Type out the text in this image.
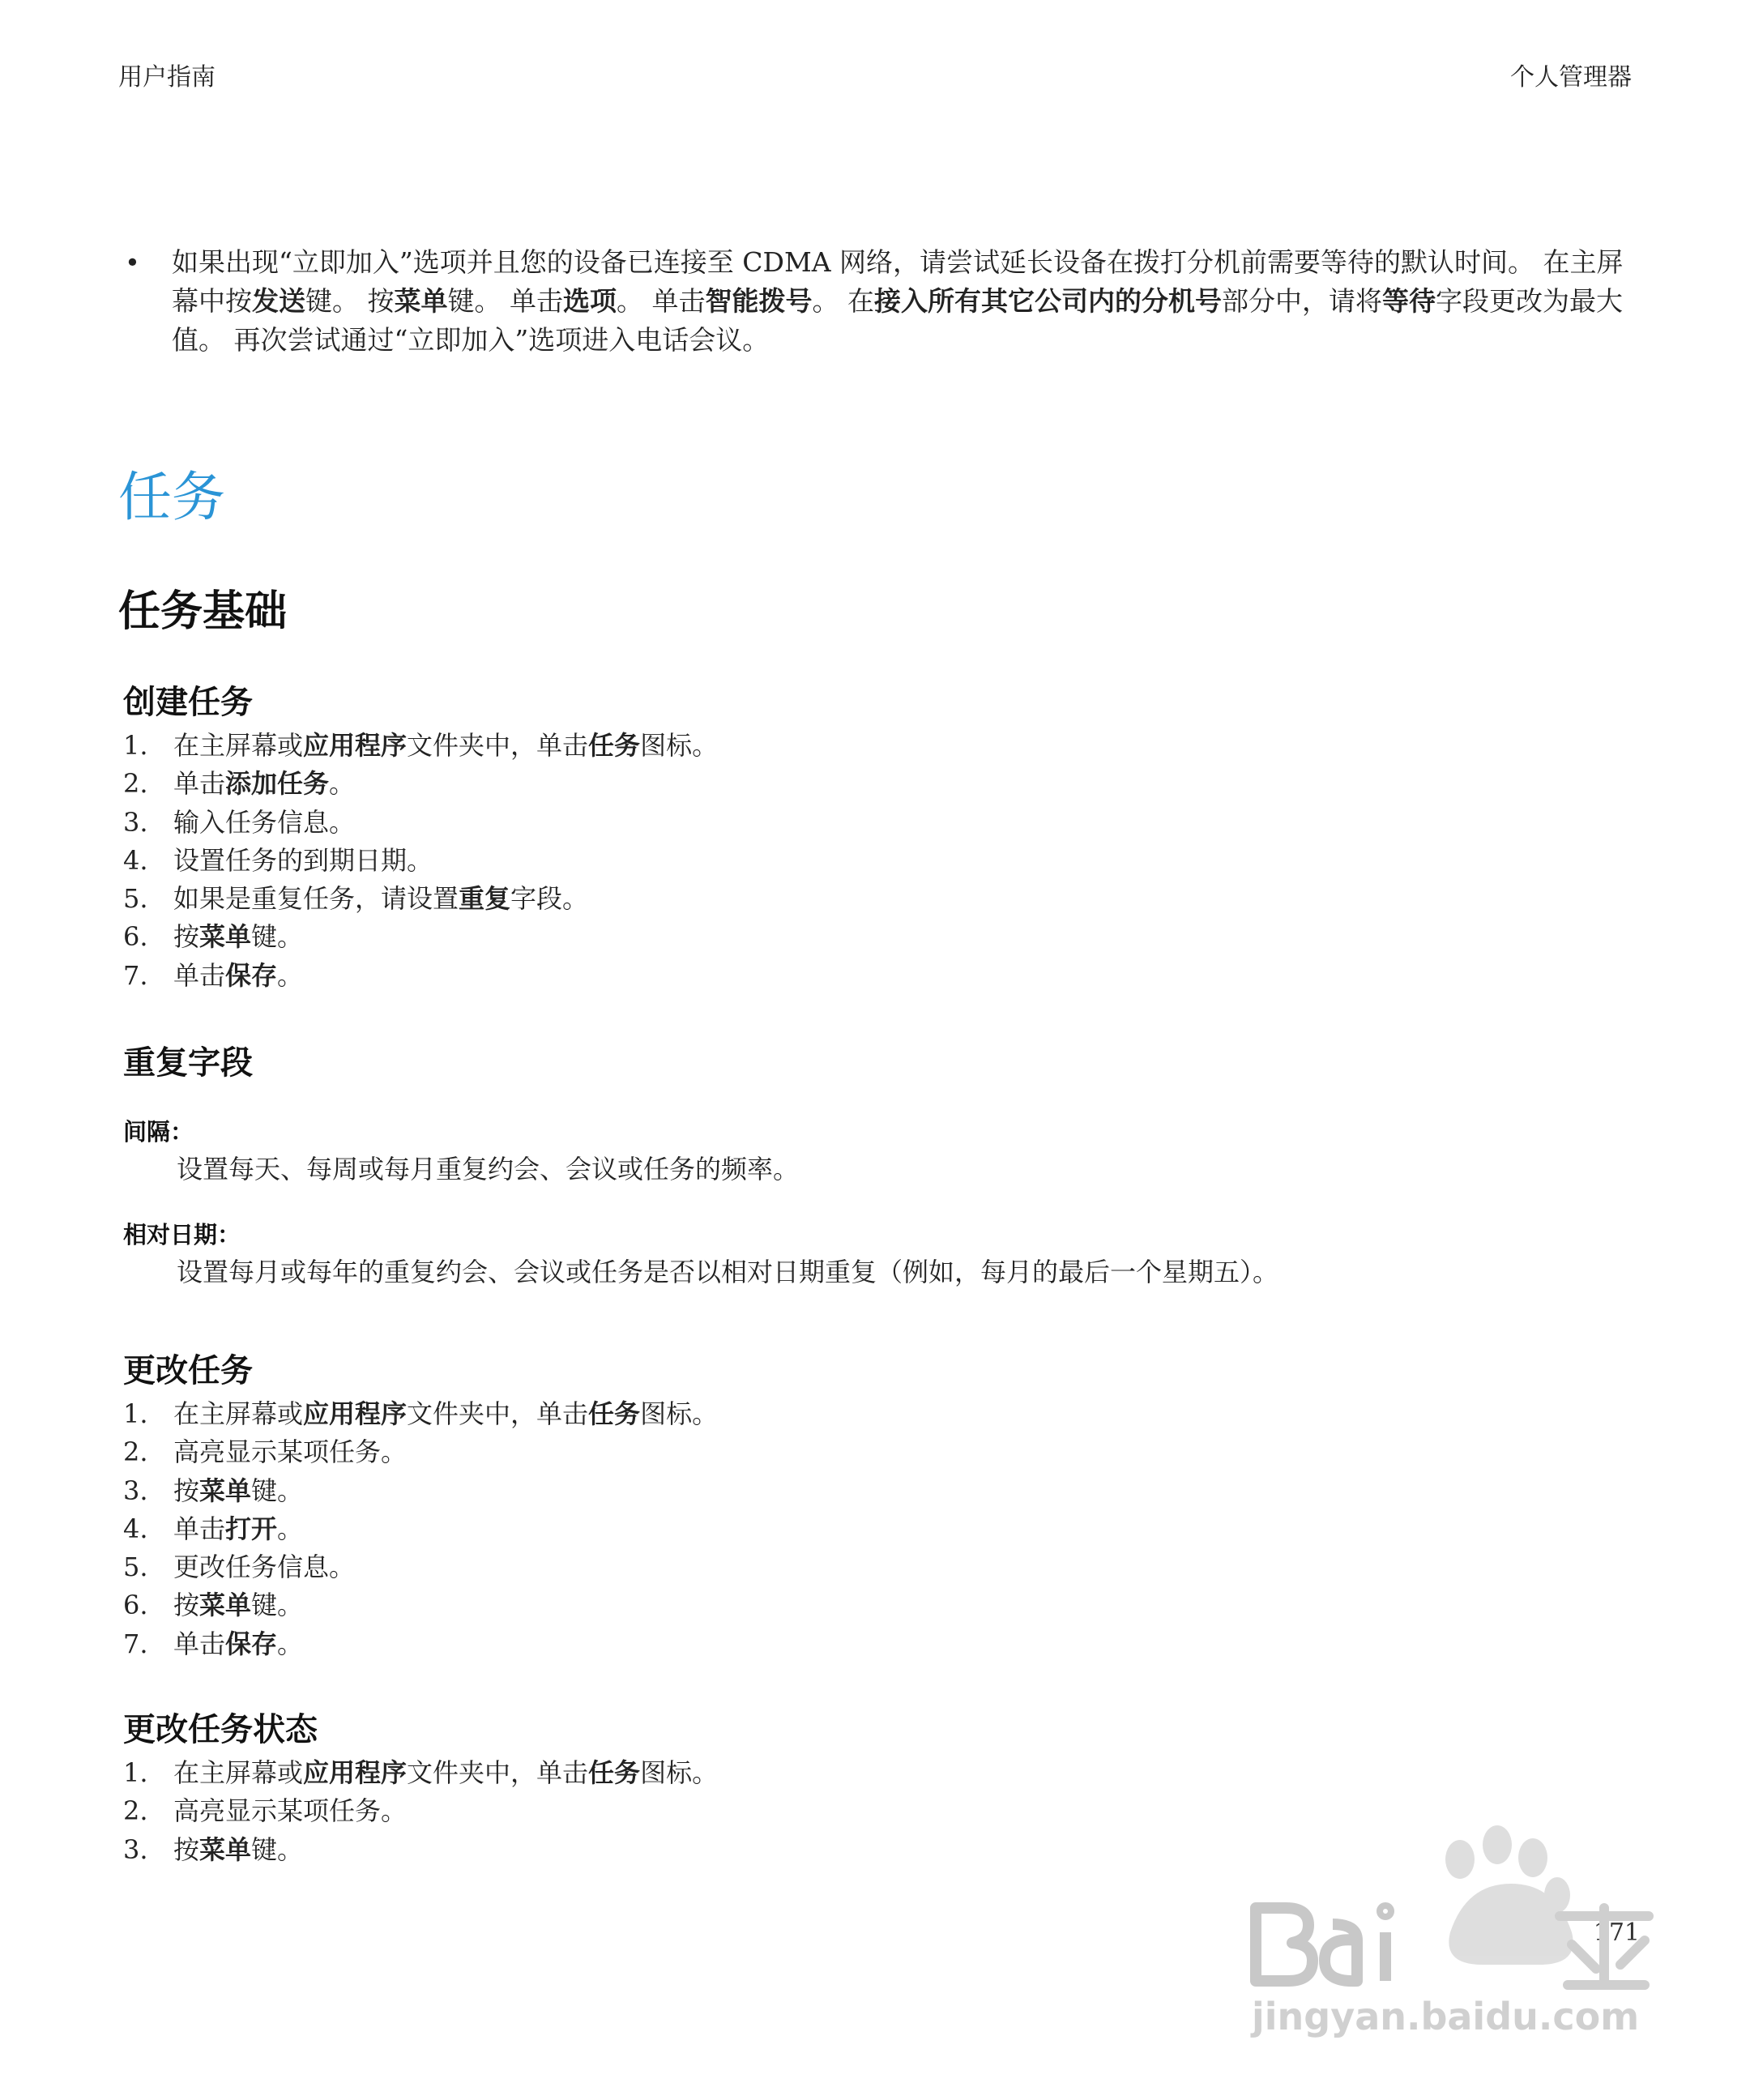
用户指南	个人管理器
•	如果出现“立即加入”选项并且您的设备已连接至 CDMA 网络，请尝试延长设备在拨打分机前需要等待的默认时间。 在主屏幕中按发送键。 按菜单键。 单击选项。 单击智能拨号。 在接入所有其它公司内的分机号部分中，请将等待字段更改为最大值。 再次尝试通过“立即加入”选项进入电话会议。
任务
任务基础
创建任务
1. 在主屏幕或应用程序文件夹中，单击任务图标。
2. 单击添加任务。
3. 输入任务信息。
4. 设置任务的到期日期。
5. 如果是重复任务，请设置重复字段。
6. 按菜单键。
7. 单击保存。
重复字段
间隔：
设置每天、每周或每月重复约会、会议或任务的频率。
相对日期：
设置每月或每年的重复约会、会议或任务是否以相对日期重复（例如，每月的最后一个星期五）。
更改任务
1. 在主屏幕或应用程序文件夹中，单击任务图标。
2. 高亮显示某项任务。
3. 按菜单键。
4. 单击打开。
5. 更改任务信息。
6. 按菜单键。
7. 单击保存。
更改任务状态
1. 在主屏幕或应用程序文件夹中，单击任务图标。
2. 高亮显示某项任务。
3. 按菜单键。
171
jingyan.baidu.com
